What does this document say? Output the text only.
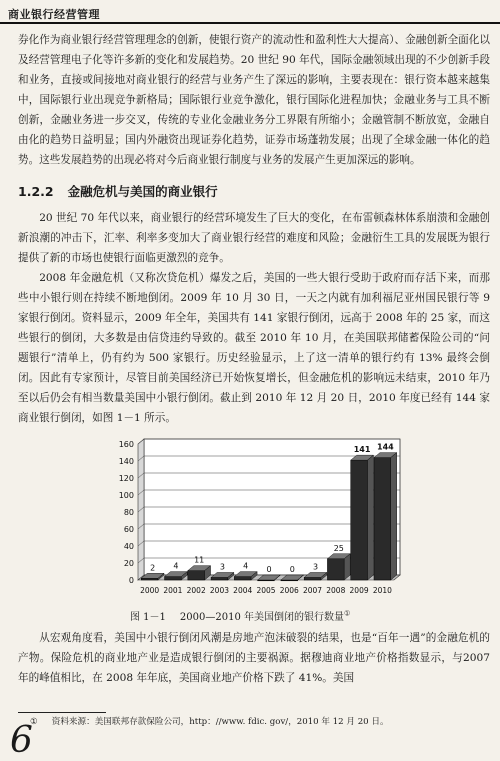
商业银行经营管理

券化作为商业银行经营管理理念的创新，使银行资产的流动性和盈利性大大提高）、金融创新全面化以及经营管理电子化等许多新的变化和发展趋势。20 世纪 90 年代，国际金融领域出现的不少创新手段和业务，直接或间接地对商业银行的经营与业务产生了深远的影响，主要表现在：银行资本越来越集中，国际银行业出现竞争新格局；国际银行业竞争激化，银行国际化进程加快；金融业务与工具不断创新，金融业务进一步交叉，传统的专业化金融业务分工界限有所缩小；金融管制不断放宽，金融自由化的趋势日益明显；国内外融资出现证券化趋势，证券市场蓬勃发展；出现了全球金融一体化的趋势。这些发展趋势的出现必将对今后商业银行制度与业务的发展产生更加深远的影响。

1.2.2 金融危机与美国的商业银行

20 世纪 70 年代以来，商业银行的经营环境发生了巨大的变化，在布雷顿森林体系崩溃和金融创新浪潮的冲击下，汇率、利率多变加大了商业银行经营的难度和风险；金融衍生工具的发展既为银行提供了新的市场也使银行面临更激烈的竞争。

2008 年金融危机（又称次贷危机）爆发之后，美国的一些大银行受助于政府而存活下来，而那些中小银行则在持续不断地倒闭。2009 年 10 月 30 日，一天之内就有加利福尼亚州国民银行等 9 家银行倒闭。资料显示，2009 年全年，美国共有 141 家银行倒闭，远高于 2008 年的 25 家，而这些银行的倒闭，大多数是由信贷违约导致的。截至 2010 年 10 月，在美国联邦储蓄保险公司的“问题银行”清单上，仍有约为 500 家银行。历史经验显示，上了这一清单的银行约有 13% 最终会倒闭。因此有专家预计，尽管目前美国经济已开始恢复增长，但金融危机的影响远未结束，2010 年乃至以后仍会有相当数量美国中小银行倒闭。截止到 2010 年 12 月 20 日，2010 年度已经有 144 家商业银行倒闭，如图 1－1 所示。

0
20
40
60
80
100
120
140
160
2
2000
4
2001
11
2002
3
2003
4
2004
0
2005
0
2006
3
2007
25
2008
141
2009
144
2010
图 1－1 2000—2010 年美国倒闭的银行数量①

从宏观角度看，美国中小银行倒闭风潮是房地产泡沫破裂的结果，也是“百年一遇”的金融危机的产物。保险危机的商业地产业是造成银行倒闭的主要祸源。据穆迪商业地产价格指数显示，与2007 年的峰值相比，在 2008 年年底，美国商业地产价格下跌了 41%。美国

① 资料来源：美国联邦存款保险公司，http：//www. fdic. gov/，2010 年 12 月 20 日。
6
